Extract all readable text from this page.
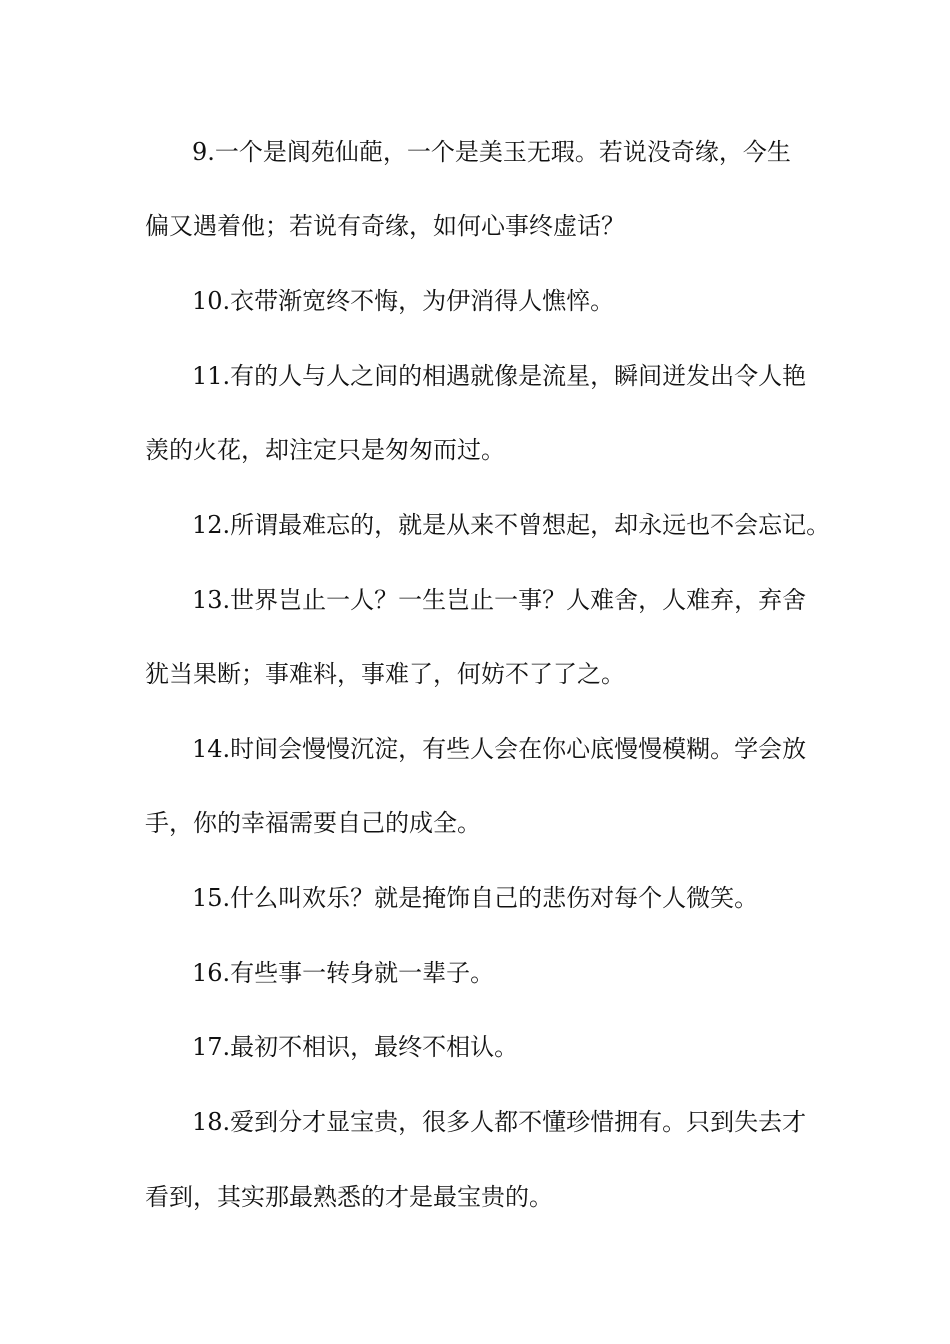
9.一个是阆苑仙葩，一个是美玉无瑕。若说没奇缘，今生
偏又遇着他；若说有奇缘，如何心事终虚话？
10.衣带渐宽终不悔，为伊消得人憔悴。
11.有的人与人之间的相遇就像是流星，瞬间迸发出令人艳
羡的火花，却注定只是匆匆而过。
12.所谓最难忘的，就是从来不曾想起，却永远也不会忘记。
13.世界岂止一人？一生岂止一事？人难舍，人难弃，弃舍
犹当果断；事难料，事难了，何妨不了了之。
14.时间会慢慢沉淀，有些人会在你心底慢慢模糊。学会放
手，你的幸福需要自己的成全。
15.什么叫欢乐？就是掩饰自己的悲伤对每个人微笑。
16.有些事一转身就一辈子。
17.最初不相识，最终不相认。
18.爱到分才显宝贵，很多人都不懂珍惜拥有。只到失去才
看到，其实那最熟悉的才是最宝贵的。
